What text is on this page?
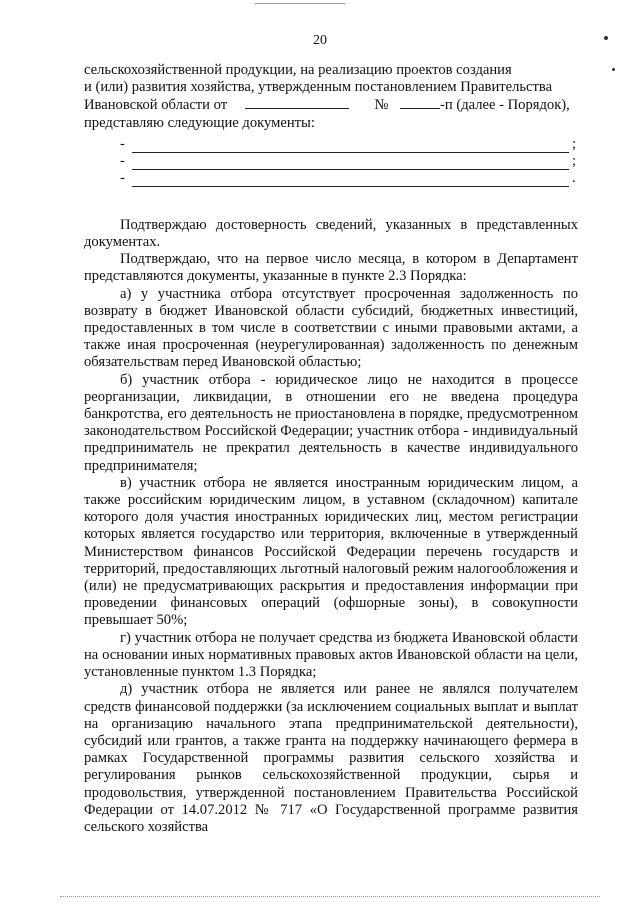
20

сельскохозяйственной продукции, на реализацию проектов создания

и (или) развития хозяйства, утвержденным постановлением Правительства

Ивановской области от	№	-п (далее - Порядок),

представляю следующие документы:

-	;
-	;
-	.

Подтверждаю достоверность сведений, указанных в представленных документах.

Подтверждаю, что на первое число месяца, в котором в Департамент представляются документы, указанные в пункте 2.3 Порядка:

а) у участника отбора отсутствует просроченная задолженность по возврату в бюджет Ивановской области субсидий, бюджетных инвестиций, предоставленных в том числе в соответствии с иными правовыми актами, а также иная просроченная (неурегулированная) задолженность по денежным обязательствам перед Ивановской областью;

б) участник отбора - юридическое лицо не находится в процессе реорганизации, ликвидации, в отношении его не введена процедура банкротства, его деятельность не приостановлена в порядке, предусмотренном законодательством Российской Федерации; участник отбора - индивидуальный предприниматель не прекратил деятельность в качестве индивидуального предпринимателя;

в) участник отбора не является иностранным юридическим лицом, а также российским юридическим лицом, в уставном (складочном) капитале которого доля участия иностранных юридических лиц, местом регистрации которых является государство или территория, включенные в утвержденный Министерством финансов Российской Федерации перечень государств и территорий, предоставляющих льготный налоговый режим налогообложения и (или) не предусматривающих раскрытия и предоставления информации при проведении финансовых операций (офшорные зоны), в совокупности превышает 50%;

г) участник отбора не получает средства из бюджета Ивановской области на основании иных нормативных правовых актов Ивановской области на цели, установленные пунктом 1.3 Порядка;

д) участник отбора не является или ранее не являлся получателем средств финансовой поддержки (за исключением социальных выплат и выплат на организацию начального этапа предпринимательской деятельности), субсидий или грантов, а также гранта на поддержку начинающего фермера в рамках Государственной программы развития сельского хозяйства и регулирования рынков сельскохозяйственной продукции, сырья и продовольствия, утвержденной постановлением Правительства Российской Федерации от 14.07.2012 № 717 «О Государственной программе развития сельского хозяйства
